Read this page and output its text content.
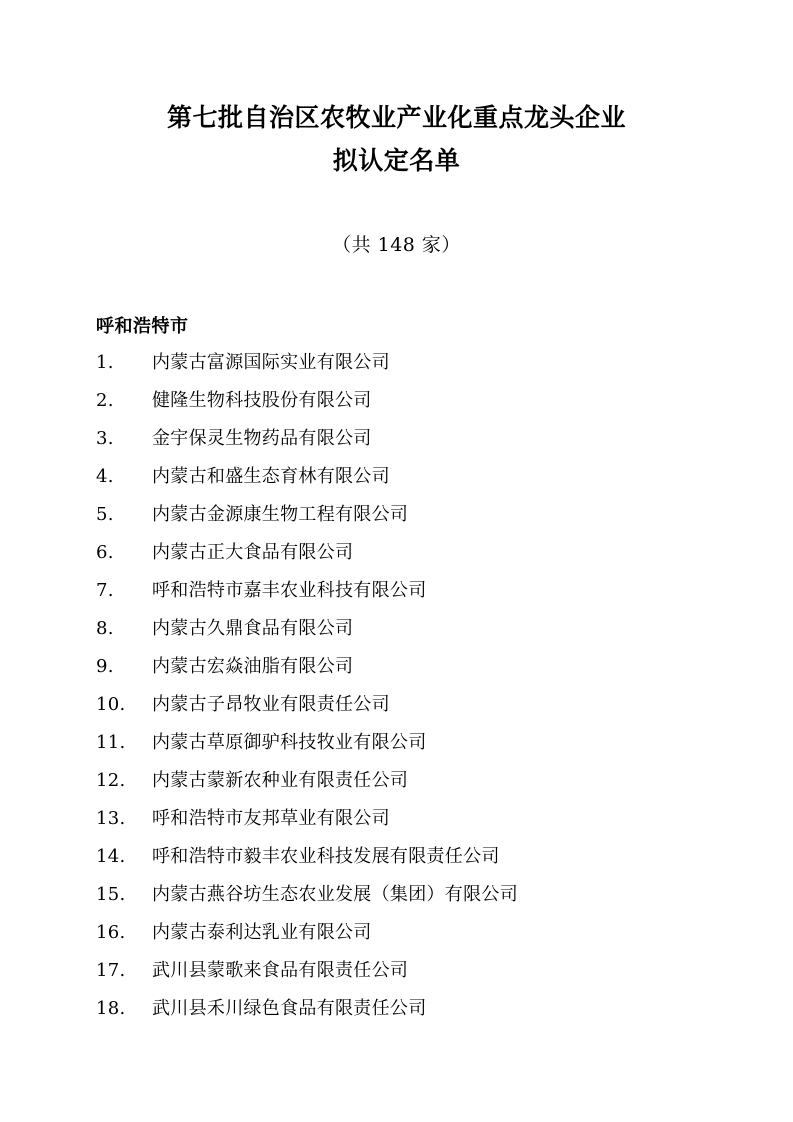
第七批自治区农牧业产业化重点龙头企业
拟认定名单
（共 148 家）
呼和浩特市
1.	内蒙古富源国际实业有限公司
2.	健隆生物科技股份有限公司
3.	金宇保灵生物药品有限公司
4.	内蒙古和盛生态育林有限公司
5.	内蒙古金源康生物工程有限公司
6.	内蒙古正大食品有限公司
7.	呼和浩特市嘉丰农业科技有限公司
8.	内蒙古久鼎食品有限公司
9.	内蒙古宏焱油脂有限公司
10.	内蒙古子昂牧业有限责任公司
11.	内蒙古草原御驴科技牧业有限公司
12.	内蒙古蒙新农种业有限责任公司
13.	呼和浩特市友邦草业有限公司
14.	呼和浩特市毅丰农业科技发展有限责任公司
15.	内蒙古燕谷坊生态农业发展（集团）有限公司
16.	内蒙古泰利达乳业有限公司
17.	武川县蒙歌来食品有限责任公司
18.	武川县禾川绿色食品有限责任公司
